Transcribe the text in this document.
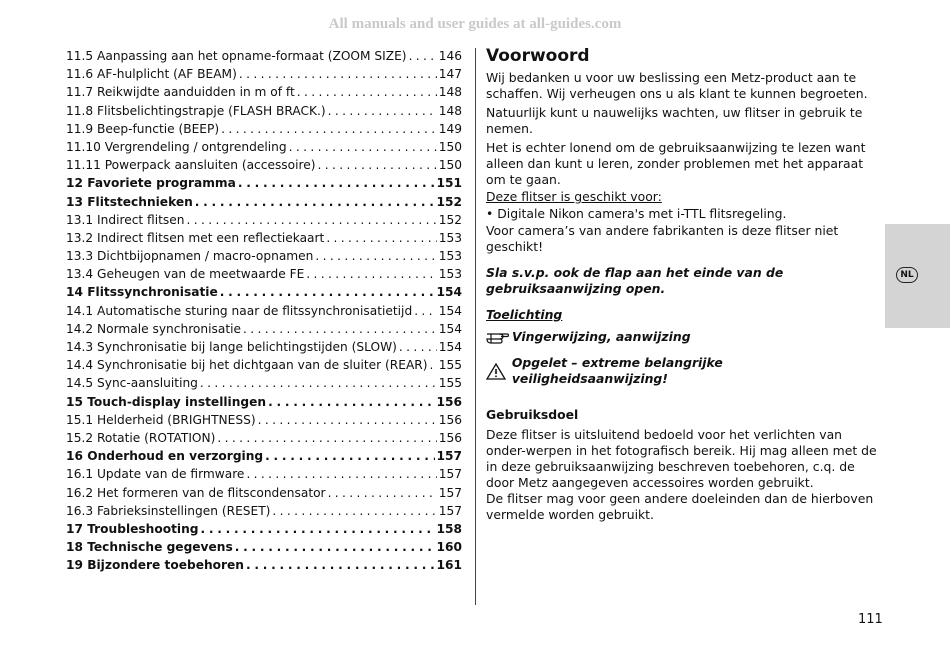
All manuals and user guides at all-guides.com
11.5 Aanpassing aan het opname-formaat (ZOOM SIZE) . . .	146
11.6 AF-hulplicht (AF BEAM) . . .	147
11.7 Reikwijdte aanduidden in m of ft . . .	148
11.8 Flitsbelichtingstrapje (FLASH BRACK.) . . .	148
11.9 Beep-functie (BEEP) . . .	149
11.10 Vergrendeling / ontgrendeling . . .	150
11.11 Powerpack aansluiten (accessoire) . . .	150
12 Favoriete programma . . .	151
13 Flitstechnieken . . .	152
13.1 Indirect flitsen . . .	152
13.2 Indirect flitsen met een reflectiekaart . . .	153
13.3 Dichtbijopnamen / macro-opnamen . . .	153
13.4 Geheugen van de meetwaarde FE . . .	153
14 Flitssynchronisatie . . .	154
14.1 Automatische sturing naar de flitssynchronisatietijd . . . 154
14.2 Normale synchronisatie . . .	154
14.3 Synchronisatie bij lange belichtingstijden (SLOW) . . .	154
14.4 Synchronisatie bij het dichtgaan van de sluiter (REAR) . . . 155
14.5 Sync-aansluiting . . .	155
15 Touch-display instellingen . . .	156
15.1 Helderheid (BRIGHTNESS) . . .	156
15.2 Rotatie (ROTATION) . . .	156
16 Onderhoud en verzorging . . .	157
16.1 Update van de firmware . . .	157
16.2 Het formeren van de flitscondensator . . .	157
16.3 Fabrieksinstellingen (RESET) . . .	157
17 Troubleshooting . . .	158
18 Technische gegevens . . .	160
19 Bijzondere toebehoren . . .	161
Voorwoord

Wij bedanken u voor uw beslissing een Metz-product aan te schaffen. Wij verheugen ons u als klant te kunnen begroeten.

Natuurlijk kunt u nauwelijks wachten, uw flitser in gebruik te nemen.

Het is echter lonend om de gebruiksaanwijzing te lezen want alleen dan kunt u leren, zonder problemen met het apparaat om te gaan.

Deze flitser is geschikt voor:

• Digitale Nikon camera's met i-TTL flitsregeling.

Voor camera’s van andere fabrikanten is deze flitser niet geschikt!

Sla s.v.p. ook de flap aan het einde van de gebruiksaanwijzing open.

Toelichting

Vingerwijzing, aanwijzing
Opgelet – extreme belangrijke veiligheidsaanwijzing!

Gebruiksdoel

Deze flitser is uitsluitend bedoeld voor het verlichten van onder-werpen in het fotografisch bereik. Hij mag alleen met de in deze gebruiksaanwijzing beschreven toebehoren, c.q. de door Metz aangegeven accessoires worden gebruikt.

De flitser mag voor geen andere doeleinden dan de hierboven vermelde worden gebruikt.

NL
111
